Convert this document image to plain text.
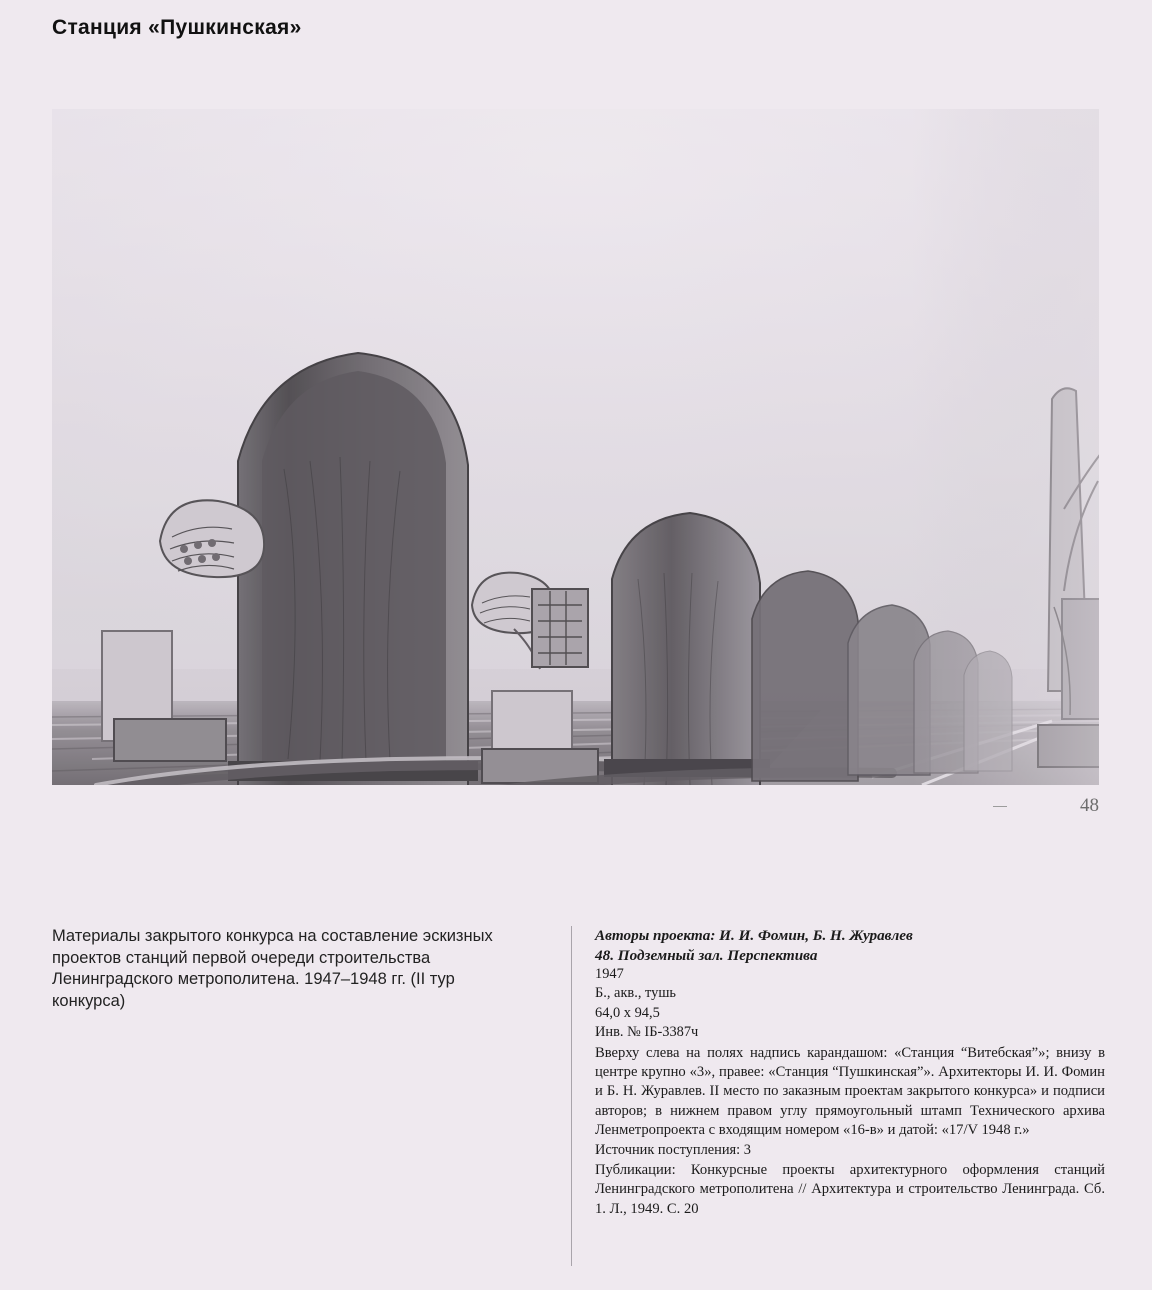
Станция «Пушкинская»
48
Материалы закрытого конкурса на составление эскизных проектов станций первой очереди строительства Ленинградского метрополитена. 1947–1948 гг. (II тур конкурса)
Авторы проекта: И. И. Фомин, Б. Н. Журавлев
48. Подземный зал. Перспектива
1947
Б., акв., тушь
64,0 х 94,5
Инв. № IБ-3387ч
Вверху слева на полях надпись карандашом: «Станция “Витебская”»; внизу в центре крупно «3», правее: «Станция “Пушкинская”». Архитекторы И. И. Фомин и Б. Н. Журавлев. II место по заказным проектам закрытого конкурса» и подписи авторов; в нижнем правом углу прямоугольный штамп Технического архива Ленметропроекта с входящим номером «16-в» и датой: «17/V 1948 г.»
Источник поступления: 3
Публикации: Конкурсные проекты архитектурного оформления станций Ленинградского метрополитена // Архитектура и строительство Ленинграда. Сб. 1. Л., 1949. С. 20
